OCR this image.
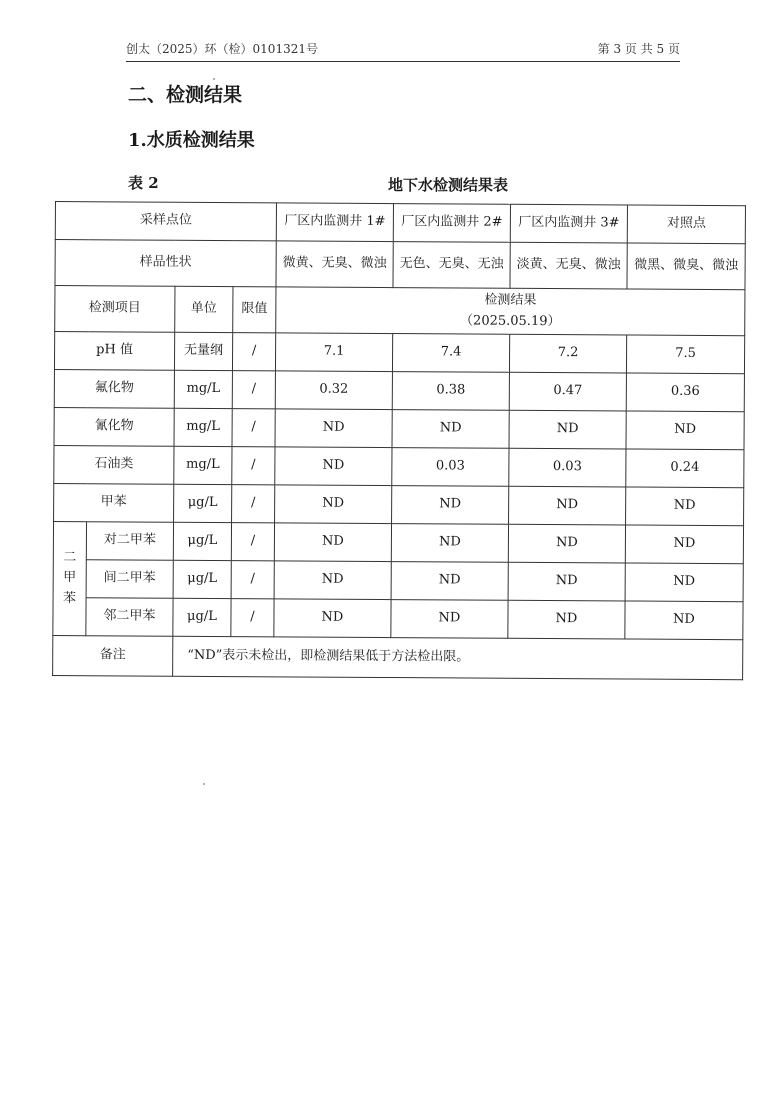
创太（2025）环（检）0101321号	第 3 页 共 5 页
二、检测结果
1.水质检测结果
表 2	地下水检测结果表
采样点位				厂区内监测井 1#	厂区内监测井 2#	厂区内监测井 3#	对照点
样品性状				微黄、无臭、微浊	无色、无臭、无浊	淡黄、无臭、微浊	微黑、微臭、微浊
检测项目		单位	限值	检测结果
（2025.05.19）			

pH 值		无量纲	/	7.1	7.4	7.2	7.5
氟化物		mg/L	/	0.32	0.38	0.47	0.36
氰化物		mg/L	/	ND	ND	ND	ND
石油类		mg/L	/	ND	0.03	0.03	0.24
甲苯		μg/L	/	ND	ND	ND	ND

二
甲
苯	对二甲苯	μg/L	/	ND	ND	ND	ND
	间二甲苯	μg/L	/	ND	ND	ND	ND
	邻二甲苯	μg/L	/	ND	ND	ND	ND
备注		“ND”表示未检出，即检测结果低于方法检出限。					
